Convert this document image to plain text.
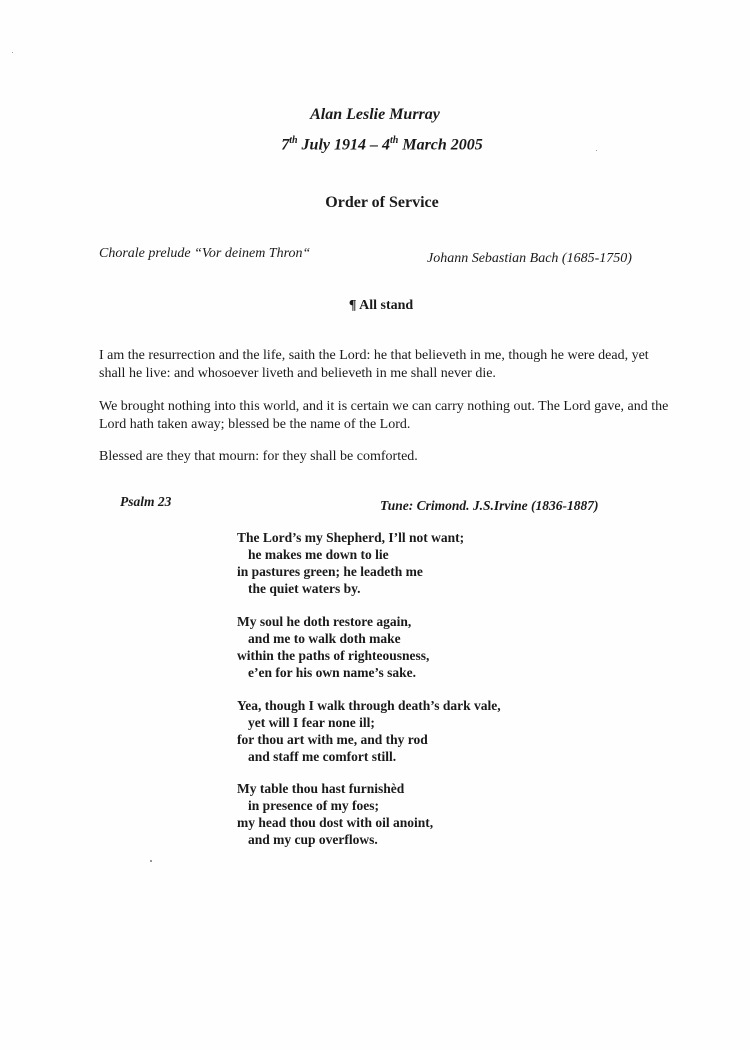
Alan Leslie Murray
7th July 1914 – 4th March 2005
Order of Service
Chorale prelude “Vor deinem Thron“	Johann Sebastian Bach (1685-1750)
¶ All stand
I am the resurrection and the life, saith the Lord: he that believeth in me, though he were dead, yet shall he live: and whosoever liveth and believeth in me shall never die.
We brought nothing into this world, and it is certain we can carry nothing out. The Lord gave, and the Lord hath taken away; blessed be the name of the Lord.
Blessed are they that mourn: for they shall be comforted.
Psalm 23	Tune: Crimond. J.S.Irvine (1836-1887)
The Lord’s my Shepherd, I’ll not want;
he makes me down to lie
in pastures green; he leadeth me
the quiet waters by.
My soul he doth restore again,
and me to walk doth make
within the paths of righteousness,
e’en for his own name’s sake.
Yea, though I walk through death’s dark vale,
yet will I fear none ill;
for thou art with me, and thy rod
and staff me comfort still.
My table thou hast furnishèd
in presence of my foes;
my head thou dost with oil anoint,
and my cup overflows.
